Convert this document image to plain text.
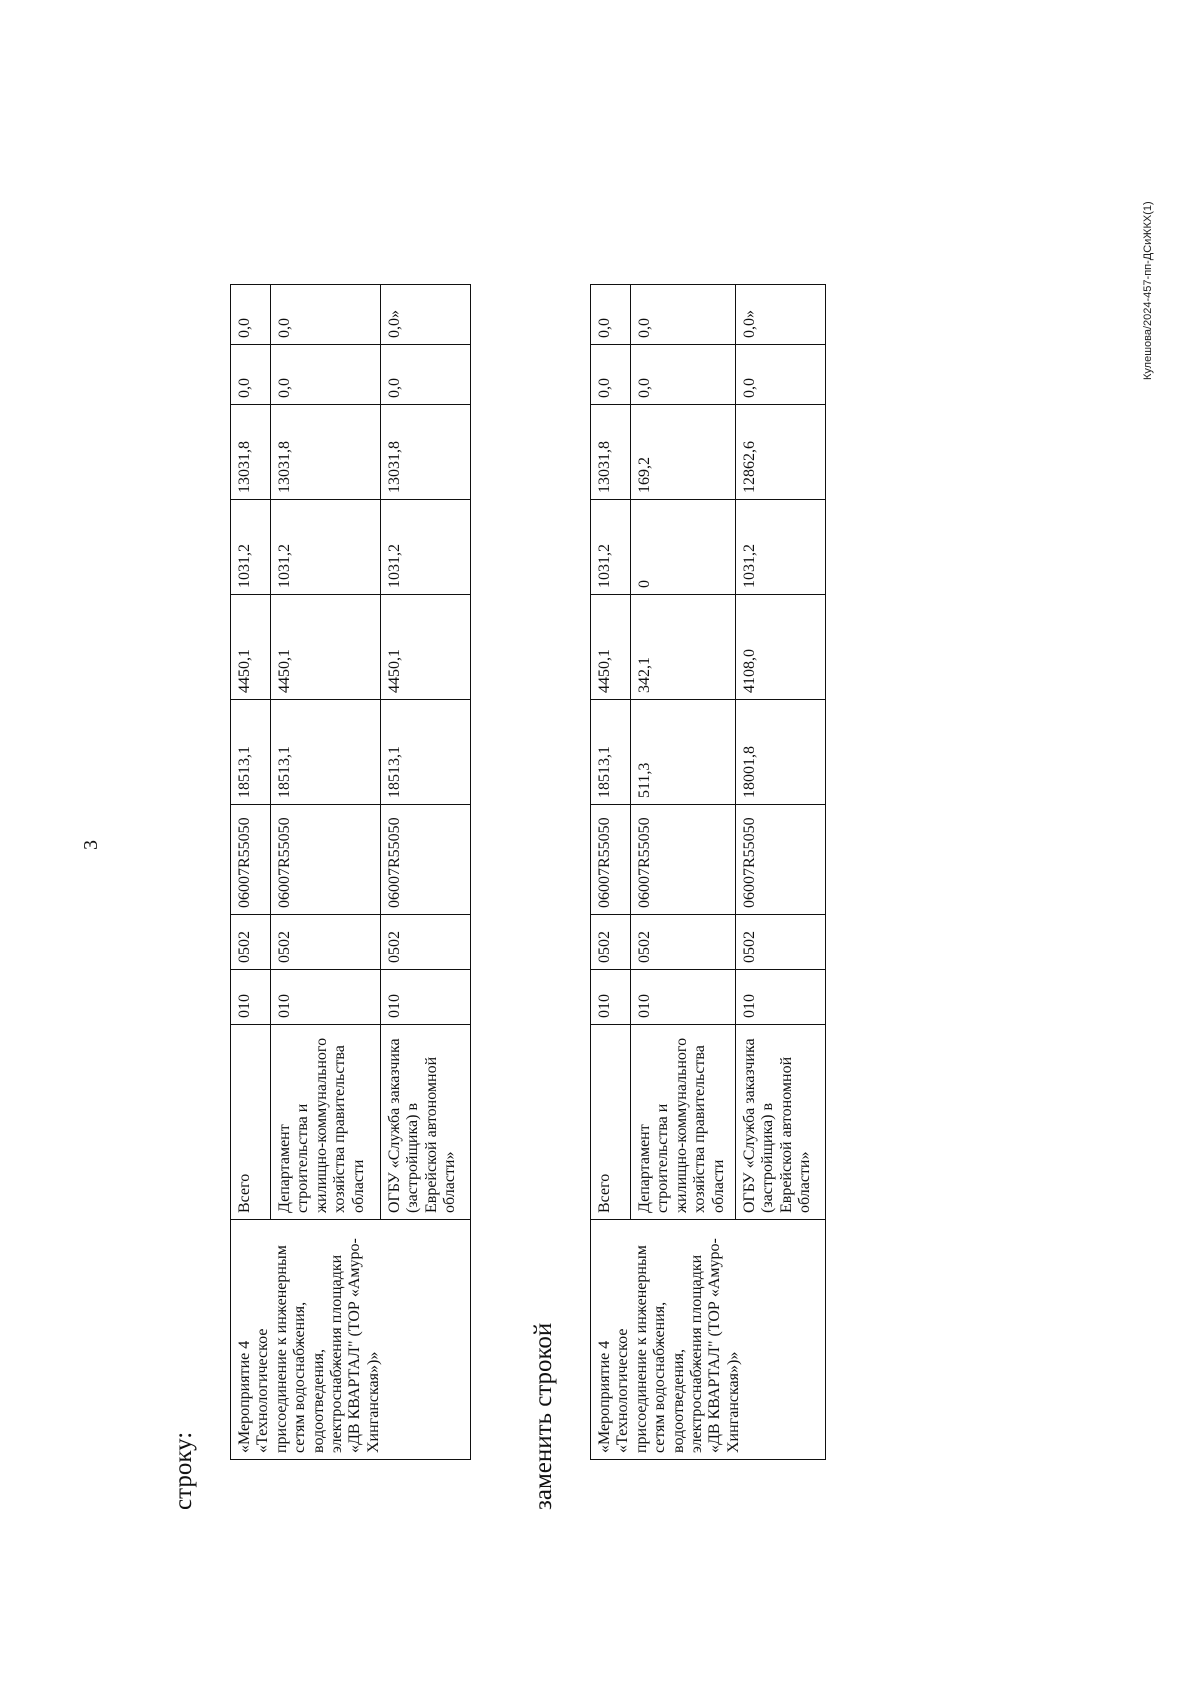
3
строку:
«Мероприятие 4 «Технологическое присоединение к инженерным сетям водоснабжения, водоотведения, электроснабжения площадки «ДВ КВАРТАЛ" (ТОР «Амуро-Хинганская»)»	Всего	010	0502	06007R55050	18513,1	4450,1	1031,2	13031,8	0,0	0,0
	Департамент строительства и жилищно-коммунального хозяйства правительства области	010	0502	06007R55050	18513,1	4450,1	1031,2	13031,8	0,0	0,0
	ОГБУ «Служба заказчика (застройщика) в Еврейской автономной области»	010	0502	06007R55050	18513,1	4450,1	1031,2	13031,8	0,0	0,0»
заменить строкой «Мероприятие 4 «Технологическое присоединение к инженерным сетям водоснабжения, водоотведения, электроснабжения площадки «ДВ КВАРТАЛ" (ТОР «Амуро-Хинганская»)»	Всего	010	0502	06007R55050	18513,1	4450,1	1031,2	13031,8	0,0	0,0
	Департамент строительства и жилищно-коммунального хозяйства правительства области	010	0502	06007R55050	511,3	342,1	0	169,2	0,0	0,0
	ОГБУ «Служба заказчика (застройщика) в Еврейской автономной области»	010	0502	06007R55050	18001,8	4108,0	1031,2	12862,6	0,0	0,0»	Кулешова/2024-457-пп-ДСиЖКХ(1)
